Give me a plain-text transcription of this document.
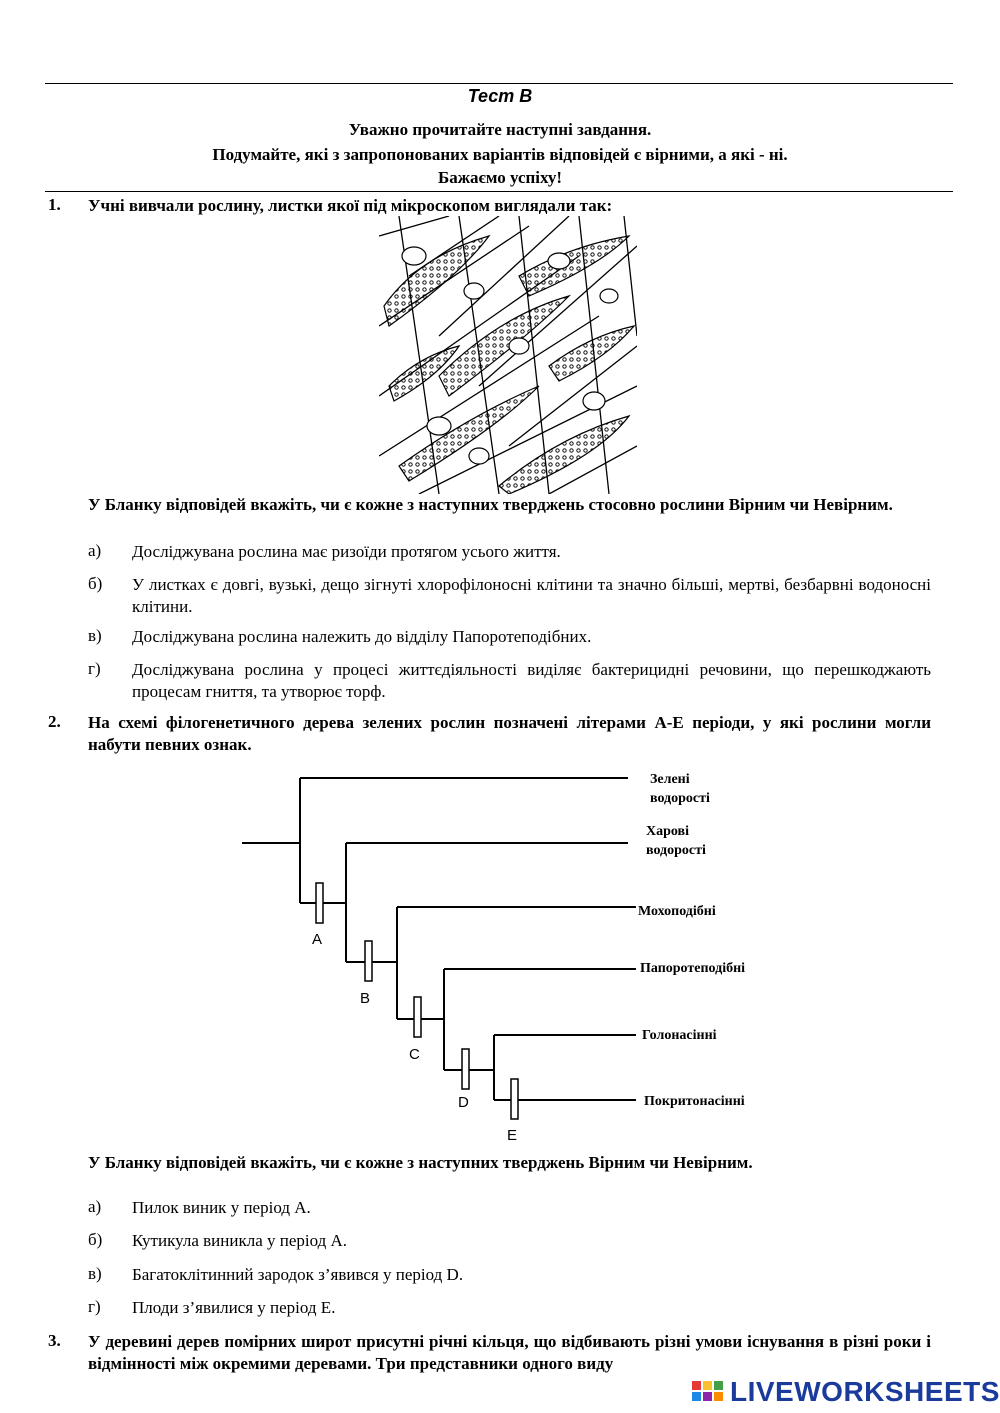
Тест В
Уважно прочитайте наступні завдання.
Подумайте, які з запропонованих варіантів відповідей є вірними, а які - ні.
Бажаємо успіху!
1. Учні вивчали рослину, листки якої під мікроскопом виглядали так:
У Бланку відповідей вкажіть, чи є кожне з наступних тверджень стосовно рослини Вірним чи Невірним.
а) Досліджувана рослина має ризоїди протягом усього життя.
б) У листках є довгі, вузькі, дещо зігнуті хлорофілоносні клітини та значно більші, мертві, безбарвні водоносні клітини.
в) Досліджувана рослина належить до відділу Папоротеподібних.
г) Досліджувана рослина у процесі життєдіяльності виділяє бактерицидні речовини, що перешкоджають процесам гниття, та утворює торф.
2. На схемі філогенетичного дерева зелених рослин позначені літерами А-Е періоди, у які рослини могли набути певних ознак.
Зелені
водорості
Харові
водорості
Мохоподібні
Папоротеподібні
Голонасінні
Покритонасінні
A
B
C
D
E
У Бланку відповідей вкажіть, чи є кожне з наступних тверджень Вірним чи Невірним.
а) Пилок виник у період А.
б) Кутикула виникла у період А.
в) Багатоклітинний зародок з’явився у період D.
г) Плоди з’явилися у період Е.
3. У деревині дерев помірних широт присутні річні кільця, що відбивають різні умови існування в різні роки і відмінності між окремими деревами. Три представники одного виду
LIVEWORKSHEETS
